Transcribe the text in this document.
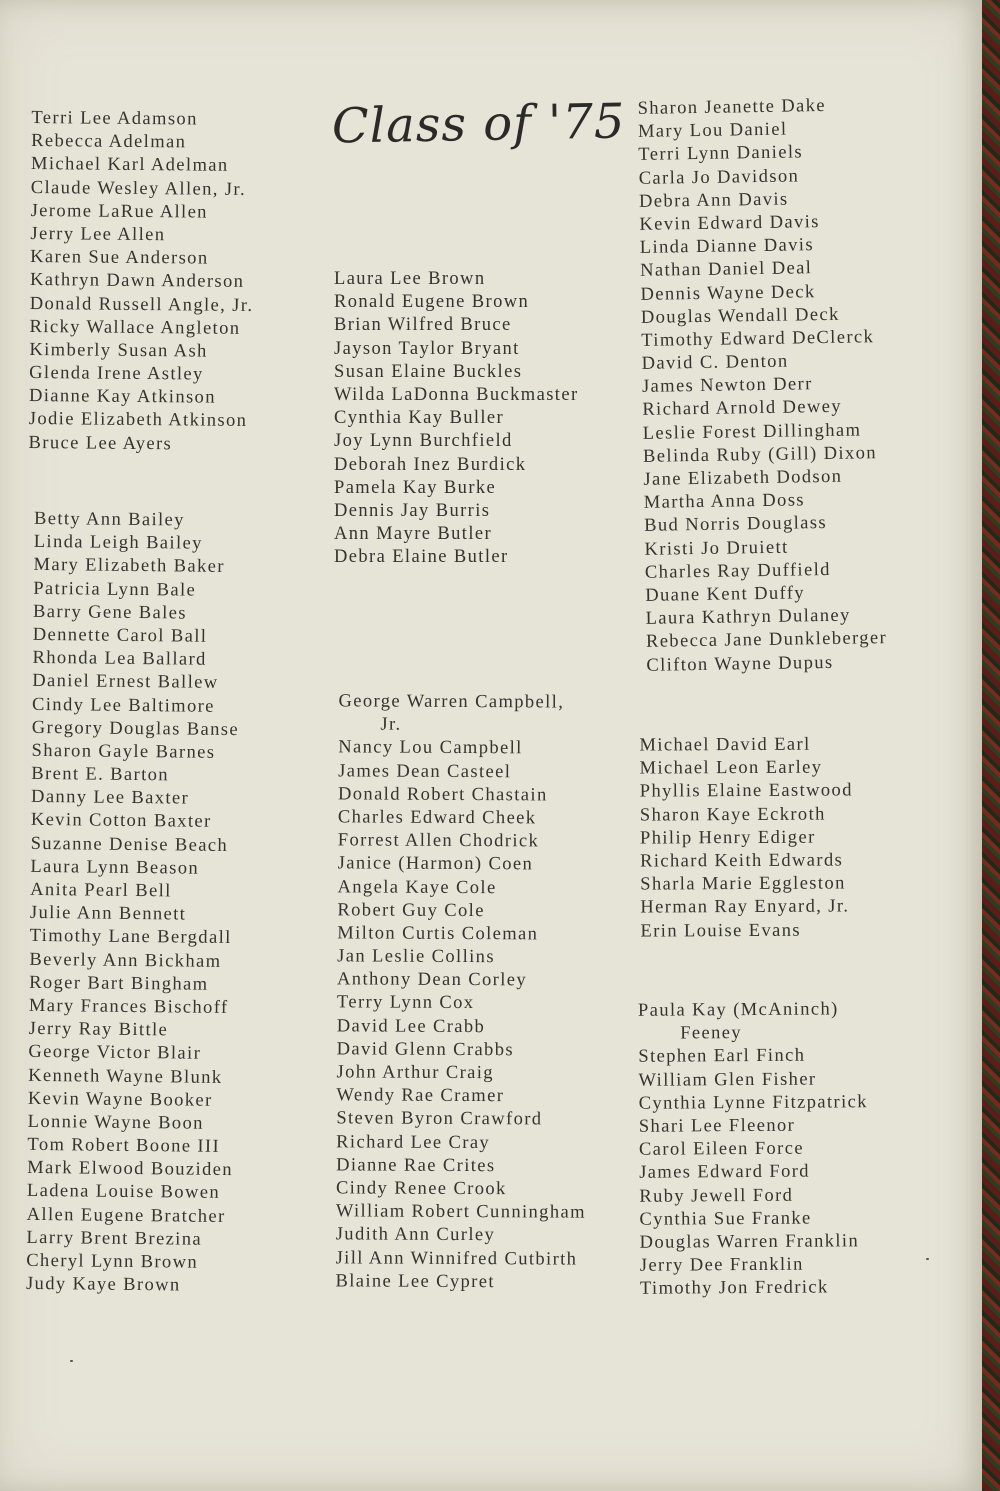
Class of '75
Terri Lee Adamson
Rebecca Adelman
Michael Karl Adelman
Claude Wesley Allen, Jr.
Jerome LaRue Allen
Jerry Lee Allen
Karen Sue Anderson
Kathryn Dawn Anderson
Donald Russell Angle, Jr.
Ricky Wallace Angleton
Kimberly Susan Ash
Glenda Irene Astley
Dianne Kay Atkinson
Jodie Elizabeth Atkinson
Bruce Lee Ayers
Betty Ann Bailey
Linda Leigh Bailey
Mary Elizabeth Baker
Patricia Lynn Bale
Barry Gene Bales
Dennette Carol Ball
Rhonda Lea Ballard
Daniel Ernest Ballew
Cindy Lee Baltimore
Gregory Douglas Banse
Sharon Gayle Barnes
Brent E. Barton
Danny Lee Baxter
Kevin Cotton Baxter
Suzanne Denise Beach
Laura Lynn Beason
Anita Pearl Bell
Julie Ann Bennett
Timothy Lane Bergdall
Beverly Ann Bickham
Roger Bart Bingham
Mary Frances Bischoff
Jerry Ray Bittle
George Victor Blair
Kenneth Wayne Blunk
Kevin Wayne Booker
Lonnie Wayne Boon
Tom Robert Boone III
Mark Elwood Bouziden
Ladena Louise Bowen
Allen Eugene Bratcher
Larry Brent Brezina
Cheryl Lynn Brown
Judy Kaye Brown
Laura Lee Brown
Ronald Eugene Brown
Brian Wilfred Bruce
Jayson Taylor Bryant
Susan Elaine Buckles
Wilda LaDonna Buckmaster
Cynthia Kay Buller
Joy Lynn Burchfield
Deborah Inez Burdick
Pamela Kay Burke
Dennis Jay Burris
Ann Mayre Butler
Debra Elaine Butler
George Warren Campbell,
Jr.
Nancy Lou Campbell
James Dean Casteel
Donald Robert Chastain
Charles Edward Cheek
Forrest Allen Chodrick
Janice (Harmon) Coen
Angela Kaye Cole
Robert Guy Cole
Milton Curtis Coleman
Jan Leslie Collins
Anthony Dean Corley
Terry Lynn Cox
David Lee Crabb
David Glenn Crabbs
John Arthur Craig
Wendy Rae Cramer
Steven Byron Crawford
Richard Lee Cray
Dianne Rae Crites
Cindy Renee Crook
William Robert Cunningham
Judith Ann Curley
Jill Ann Winnifred Cutbirth
Blaine Lee Cypret
Sharon Jeanette Dake
Mary Lou Daniel
Terri Lynn Daniels
Carla Jo Davidson
Debra Ann Davis
Kevin Edward Davis
Linda Dianne Davis
Nathan Daniel Deal
Dennis Wayne Deck
Douglas Wendall Deck
Timothy Edward DeClerck
David C. Denton
James Newton Derr
Richard Arnold Dewey
Leslie Forest Dillingham
Belinda Ruby (Gill) Dixon
Jane Elizabeth Dodson
Martha Anna Doss
Bud Norris Douglass
Kristi Jo Druiett
Charles Ray Duffield
Duane Kent Duffy
Laura Kathryn Dulaney
Rebecca Jane Dunkleberger
Clifton Wayne Dupus
Michael David Earl
Michael Leon Earley
Phyllis Elaine Eastwood
Sharon Kaye Eckroth
Philip Henry Ediger
Richard Keith Edwards
Sharla Marie Eggleston
Herman Ray Enyard, Jr.
Erin Louise Evans
Paula Kay (McAninch)
Feeney
Stephen Earl Finch
William Glen Fisher
Cynthia Lynne Fitzpatrick
Shari Lee Fleenor
Carol Eileen Force
James Edward Ford
Ruby Jewell Ford
Cynthia Sue Franke
Douglas Warren Franklin
Jerry Dee Franklin
Timothy Jon Fredrick
